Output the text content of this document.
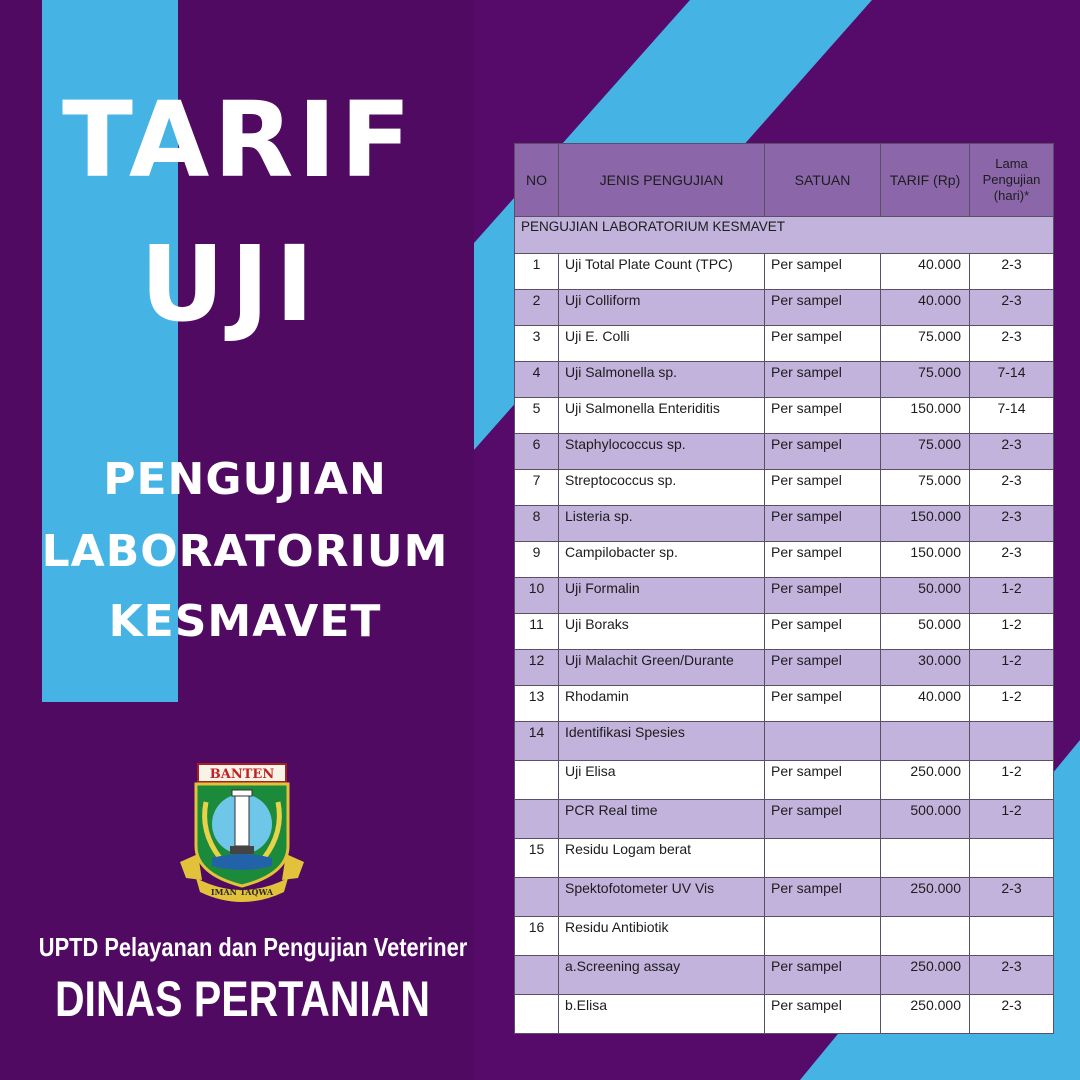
TARIF
UJI
PENGUJIAN
LABORATORIUM
KESMAVET
BANTEN
IMAN TAQWA
UPTD Pelayanan dan Pengujian Veteriner
DINAS PERTANIAN
NO	JENIS PENGUJIAN	SATUAN	TARIF (Rp)	Lama
Pengujian
(hari)*
PENGUJIAN LABORATORIUM KESMAVET				
1	Uji Total Plate Count (TPC)	Per sampel	40.000	2-3
2	Uji Colliform	Per sampel	40.000	2-3
3	Uji E. Colli	Per sampel	75.000	2-3
4	Uji Salmonella sp.	Per sampel	75.000	7-14
5	Uji Salmonella Enteriditis	Per sampel	150.000	7-14
6	Staphylococcus sp.	Per sampel	75.000	2-3
7	Streptococcus sp.	Per sampel	75.000	2-3
8	Listeria sp.	Per sampel	150.000	2-3
9	Campilobacter sp.	Per sampel	150.000	2-3
10	Uji Formalin	Per sampel	50.000	1-2
11	Uji Boraks	Per sampel	50.000	1-2
12	Uji Malachit Green/Durante	Per sampel	30.000	1-2
13	Rhodamin	Per sampel	40.000	1-2
14	Identifikasi Spesies			
	Uji Elisa	Per sampel	250.000	1-2
	PCR Real time	Per sampel	500.000	1-2
15	Residu Logam berat			
	Spektofotometer UV Vis	Per sampel	250.000	2-3
16	Residu Antibiotik			
	a.Screening assay	Per sampel	250.000	2-3
	b.Elisa	Per sampel	250.000	2-3
